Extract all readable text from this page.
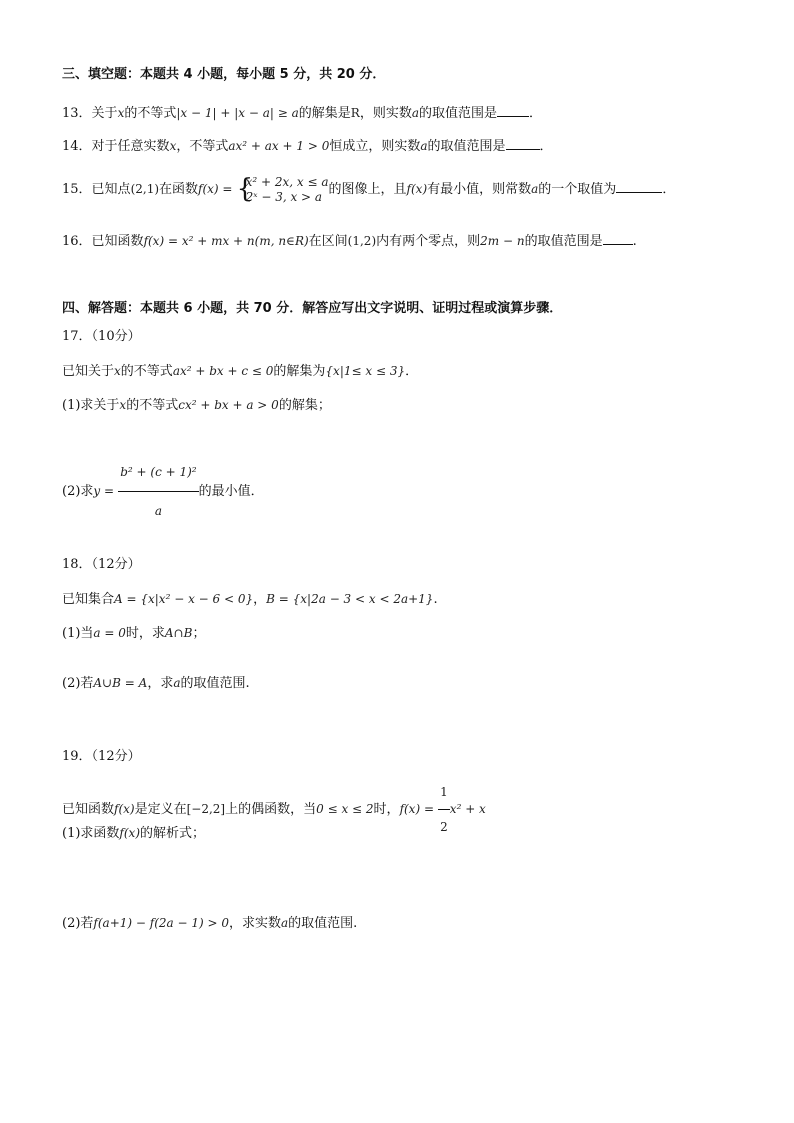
三、填空题：本题共 4 小题，每小题 5 分，共 20 分．
13．关于x的不等式|x − 1| + |x − a| ≥ a的解集是R，则实数a的取值范围是 ．
14．对于任意实数x，不等式ax² + ax + 1 > 0恒成立，则实数a的取值范围是	．
15．已知点(2,1)在函数f(x) = {
x² + 2x, x ≤ a
2ˣ − 3, x > a 的图像上，且f(x)有最小值，则常数a的一个取值为	．
16．已知函数f(x) = x² + mx + n(m, n∈R)在区间(1,2)内有两个零点，则2m − n的取值范围是 .
四、解答题：本题共 6 小题，共 70 分．解答应写出文字说明、证明过程或演算步骤．
17．（10分）
已知关于x的不等式ax² + bx + c ≤ 0的解集为{x|1≤ x ≤ 3}．
(1)求关于x的不等式cx² + bx + a > 0的解集；
(2)求$y = \frac{\text{b² + (c + 1)²}}{a}$ 的最小值．
18．（12分）
已知集合A = {x|x² − x − 6 < 0}，B = {x|2a − 3 < x < 2a+1}.
(1)当a = 0时，求A∩B；
(2)若A∪B = A，求a的取值范围.
19．（12分）
已知函数f(x)是定义在[−2,2]上的偶函数，当0 ≤ x ≤ 2时，$f(x) = \frac{1}{2} x^2 + x$
(1)求函数f(x)的解析式；
(2)若f(a+1) − f(2a − 1) > 0，求实数a的取值范围.
